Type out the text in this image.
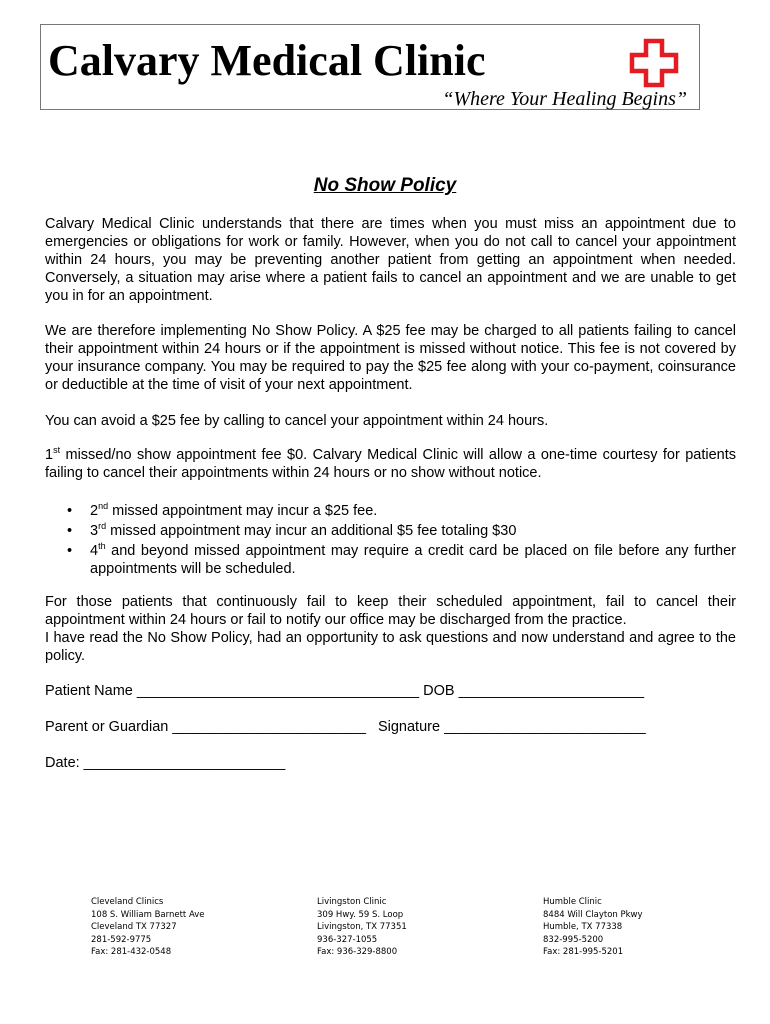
Calvary Medical Clinic
“Where Your Healing Begins”
No Show Policy

Calvary Medical Clinic understands that there are times when you must miss an appointment due to emergencies or obligations for work or family. However, when you do not call to cancel your appointment within 24 hours, you may be preventing another patient from getting an appointment when needed. Conversely, a situation may arise where a patient fails to cancel an appointment and we are unable to get you in for an appointment.

We are therefore implementing No Show Policy. A $25 fee may be charged to all patients failing to cancel their appointment within 24 hours or if the appointment is missed without notice. This fee is not covered by your insurance company. You may be required to pay the $25 fee along with your co-payment, coinsurance or deductible at the time of visit of your next appointment.

You can avoid a $25 fee by calling to cancel your appointment within 24 hours.

1st missed/no show appointment fee $0. Calvary Medical Clinic will allow a one-time courtesy for patients failing to cancel their appointments within 24 hours or no show without notice.

• 2nd missed appointment may incur a $25 fee.
• 3rd missed appointment may incur an additional $5 fee totaling $30
• 4th and beyond missed appointment may require a credit card be placed on file before any further appointments will be scheduled.

For those patients that continuously fail to keep their scheduled appointment, fail to cancel their appointment within 24 hours or fail to notify our office may be discharged from the practice.

I have read the No Show Policy, had an opportunity to ask questions and now understand and agree to the policy.

Patient Name ___________________________________ DOB _______________________
Parent or Guardian ________________________   Signature _________________________
Date: _________________________
Cleveland Clinics
108 S. William Barnett Ave
Cleveland TX 77327
281-592-9775
Fax: 281-432-0548
Livingston Clinic
309 Hwy. 59 S. Loop
Livingston, TX 77351
936-327-1055
Fax: 936-329-8800
Humble Clinic
8484 Will Clayton Pkwy
Humble, TX 77338
832-995-5200
Fax: 281-995-5201
